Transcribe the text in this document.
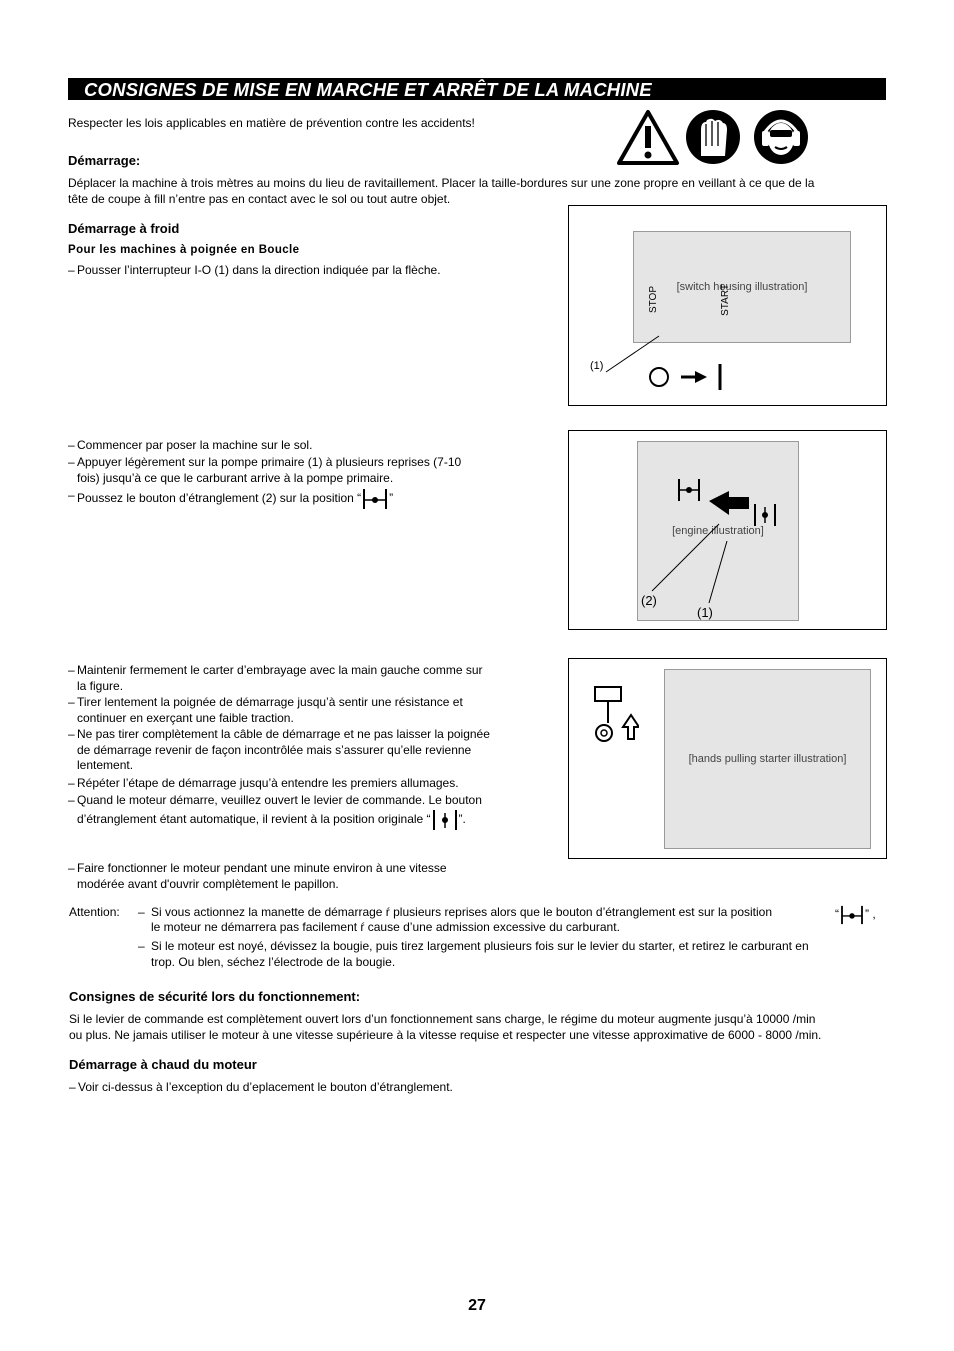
CONSIGNES DE MISE EN MARCHE ET ARRÊT DE LA MACHINE
Respecter les lois applicables en matière de prévention contre les accidents!
Démarrage:
Déplacer la machine à trois mètres au moins du lieu de ravitaillement. Placer la taille-bordures sur une zone propre en veillant à ce que de la
tête de coupe à fill n’entre pas en contact avec le sol ou tout autre objet.
Démarrage à froid
Pour les machines à poignée en Boucle
– Pousser l’interrupteur I-O (1) dans la direction indiquée par la flèche.
[switch housing illustration]
STOP	START
(1)
– Commencer par poser la machine sur le sol.
– Appuyer légèrement sur la pompe primaire (1) à plusieurs reprises (7-10
fois) jusqu’à ce que le carburant arrive à la pompe primaire.
– Poussez le bouton d’étranglement (2) sur la position “ ”
[engine illustration]
(2)
(1)
– Maintenir fermement le carter d’embrayage avec la main gauche comme sur
la figure.
– Tirer lentement la poignée de démarrage jusqu’à sentir une résistance et
continuer en exerçant une faible traction.
– Ne pas tirer complètement la câble de démarrage et ne pas laisser la poignée
de démarrage revenir de façon incontrôlée mais s’assurer qu’elle revienne
lentement.
– Répéter l’étape de démarrage jusqu’à entendre les premiers allumages.
– Quand le moteur démarre, veuillez ouvert le levier de commande. Le bouton
d’étranglement étant automatique, il revient à la position originale “ ”.
[hands pulling starter illustration]
– Faire fonctionner le moteur pendant une minute environ à une vitesse
modérée avant d'ouvrir complètement le papillon.
Attention:
–	Si vous actionnez la manette de démarrage ŕ plusieurs reprises alors que le bouton d’étranglement est sur la position	“ ” ,
le moteur ne démarrera pas facilement ŕ cause d’une admission excessive du carburant.
– Si le moteur est noyé, dévissez la bougie, puis tirez largement plusieurs fois sur le levier du starter, et retirez le carburant en
trop. Ou blen, séchez l’électrode de la bougie.
Consignes de sécurité lors du fonctionnement:
Si le levier de commande est complètement ouvert lors d’un fonctionnement sans charge, le régime du moteur augmente jusqu’à 10000 /min
ou plus. Ne jamais utiliser le moteur à une vitesse supérieure à la vitesse requise et respecter une vitesse approximative de 6000 - 8000 /min.
Démarrage à chaud du moteur
– Voir ci-dessus à l’exception du d’eplacement le bouton d’étranglement.
27
